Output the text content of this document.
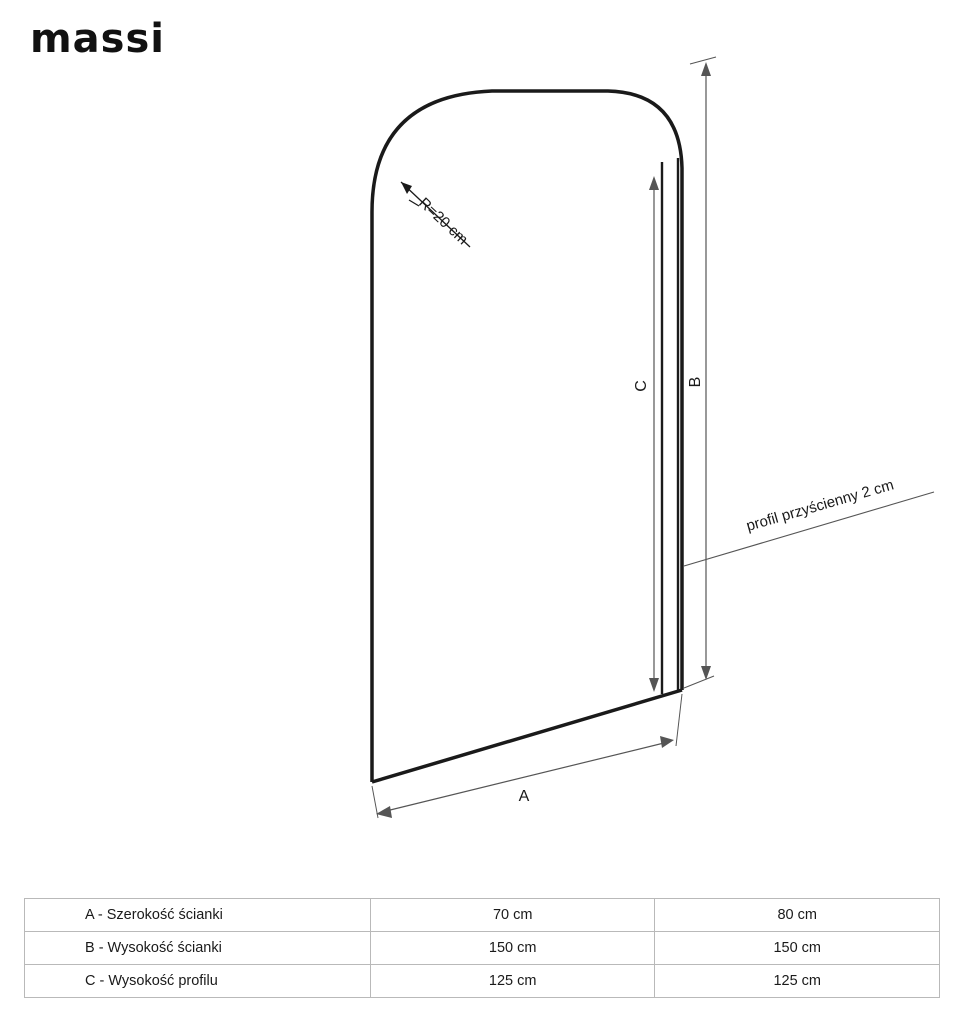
massi
R=20 cm
B
C
A
profil przyścienny 2 cm
A - Szerokość ścianki	70 cm	80 cm
B - Wysokość ścianki	150 cm	150 cm
C - Wysokość profilu	125 cm	125 cm
